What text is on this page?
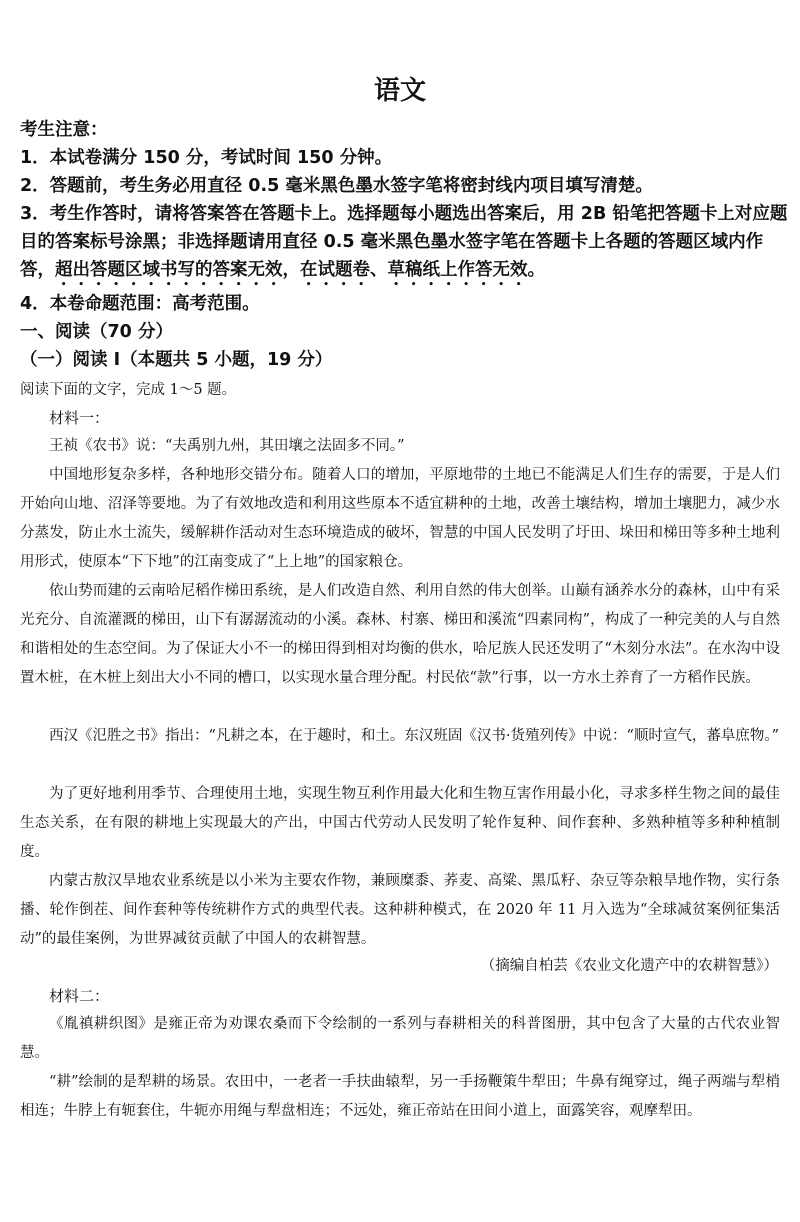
语文
考生注意：
1．本试卷满分 150 分，考试时间 150 分钟。
2．答题前，考生务必用直径 0.5 毫米黑色墨水签字笔将密封线内项目填写清楚。
3．考生作答时，请将答案答在答题卡上。选择题每小题选出答案后，用 2B 铅笔把答题卡上对应题目的答案标号涂黑；非选择题请用直径 0.5 毫米黑色墨水签字笔在答题卡上各题的答题区域内作答，超出答题区域书写的答案无效，在试题卷、草稿纸上作答无效。
4．本卷命题范围：高考范围。
一、阅读（70 分）
（一）阅读 Ⅰ（本题共 5 小题，19 分）
阅读下面的文字，完成 1～5 题。
材料一：
王祯《农书》说：“夫禹别九州，其田壤之法固多不同。”
中国地形复杂多样，各种地形交错分布。随着人口的增加，平原地带的土地已不能满足人们生存的需要，于是人们开始向山地、沼泽等要地。为了有效地改造和利用这些原本不适宜耕种的土地，改善土壤结构，增加土壤肥力，减少水分蒸发，防止水土流失，缓解耕作活动对生态环境造成的破坏，智慧的中国人民发明了圩田、垛田和梯田等多种土地利用形式，使原本“下下地”的江南变成了“上上地”的国家粮仓。
依山势而建的云南哈尼稻作梯田系统，是人们改造自然、利用自然的伟大创举。山巅有涵养水分的森林，山中有采光充分、自流灌溉的梯田，山下有潺潺流动的小溪。森林、村寨、梯田和溪流“四素同构”，构成了一种完美的人与自然和谐相处的生态空间。为了保证大小不一的梯田得到相对均衡的供水，哈尼族人民还发明了“木刻分水法”。在水沟中设置木桩，在木桩上刻出大小不同的槽口，以实现水量合理分配。村民依“款”行事，以一方水土养育了一方稻作民族。
西汉《氾胜之书》指出：“凡耕之本，在于趣时，和土。东汉班固《汉书·货殖列传》中说：“顺时宣气，蕃阜庶物。”
为了更好地利用季节、合理使用土地，实现生物互利作用最大化和生物互害作用最小化，寻求多样生物之间的最佳生态关系，在有限的耕地上实现最大的产出，中国古代劳动人民发明了轮作复种、间作套种、多熟种植等多种种植制度。
内蒙古敖汉旱地农业系统是以小米为主要农作物，兼顾糜黍、荞麦、高粱、黑瓜籽、杂豆等杂粮旱地作物，实行条播、轮作倒茬、间作套种等传统耕作方式的典型代表。这种耕种模式，在 2020 年 11 月入选为“全球减贫案例征集活动”的最佳案例，为世界减贫贡献了中国人的农耕智慧。
（摘编自柏芸《农业文化遗产中的农耕智慧》）
材料二：
《胤禛耕织图》是雍正帝为劝课农桑而下令绘制的一系列与春耕相关的科普图册，其中包含了大量的古代农业智慧。
“耕”绘制的是犁耕的场景。农田中，一老者一手扶曲辕犁，另一手扬鞭策牛犁田；牛鼻有绳穿过，绳子两端与犁梢相连；牛脖上有轭套住，牛轭亦用绳与犁盘相连；不远处，雍正帝站在田间小道上，面露笑容，观摩犁田。
